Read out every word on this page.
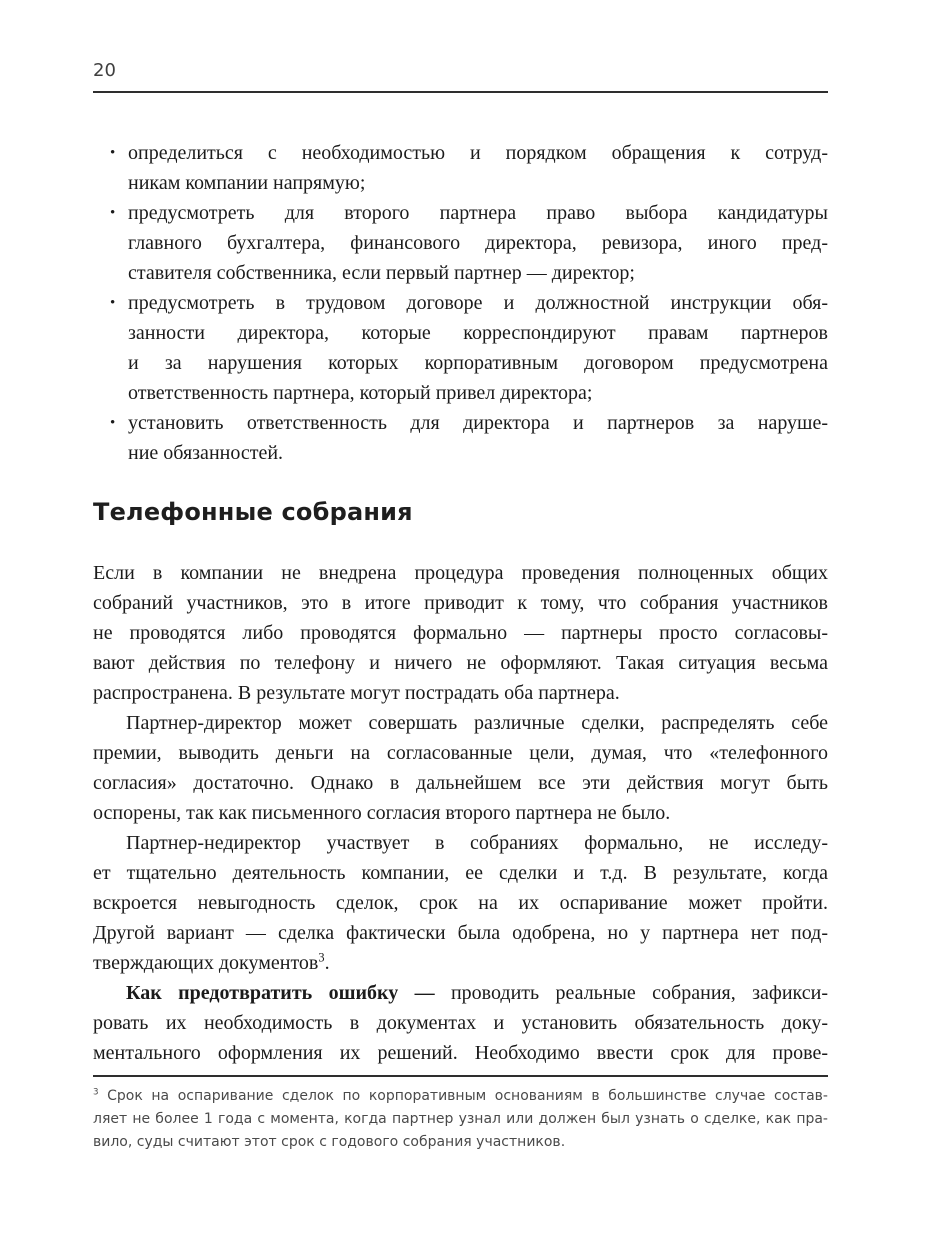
20
• определиться с необходимостью и порядком обращения к сотруд-
никам компании напрямую;
• предусмотреть для второго партнера право выбора кандидатуры
главного бухгалтера, финансового директора, ревизора, иного пред-
ставителя собственника, если первый партнер — директор;
• предусмотреть в трудовом договоре и должностной инструкции обя-
занности директора, которые корреспондируют правам партнеров
и за нарушения которых корпоративным договором предусмотрена
ответственность партнера, который привел директора;
• установить ответственность для директора и партнеров за наруше-
ние обязанностей.
Телефонные собрания
Если в компании не внедрена процедура проведения полноценных общих
собраний участников, это в итоге приводит к тому, что собрания участников
не проводятся либо проводятся формально — партнеры просто согласовы-
вают действия по телефону и ничего не оформляют. Такая ситуация весьма
распространена. В результате могут пострадать оба партнера.
Партнер-директор может совершать различные сделки, распределять себе
премии, выводить деньги на согласованные цели, думая, что «телефонного
согласия» достаточно. Однако в дальнейшем все эти действия могут быть
оспорены, так как письменного согласия второго партнера не было.
Партнер-недиректор участвует в собраниях формально, не исследу-
ет тщательно деятельность компании, ее сделки и т.д. В результате, когда
вскроется невыгодность сделок, срок на их оспаривание может пройти.
Другой вариант — сделка фактически была одобрена, но у партнера нет под-
тверждающих документов$^3$.
Как предотвратить ошибку — проводить реальные собрания, зафикси-
ровать их необходимость в документах и установить обязательность доку-
ментального оформления их решений. Необходимо ввести срок для прове-
$^3$ Срок на оспаривание сделок по корпоративным основаниям в большинстве случае состав-
ляет не более 1 года с момента, когда партнер узнал или должен был узнать о сделке, как пра-
вило, суды считают этот срок с годового собрания участников.
